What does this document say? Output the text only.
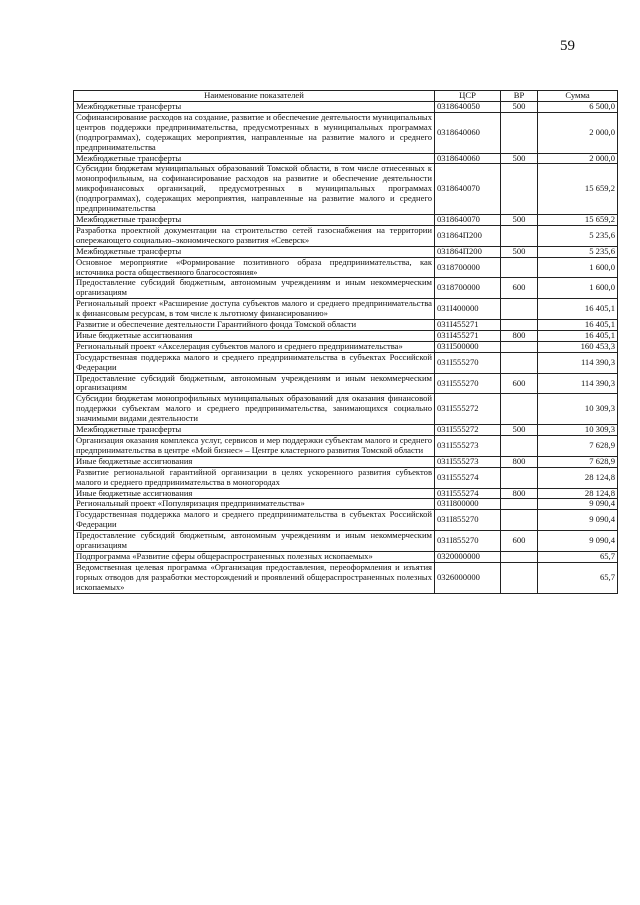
59
Наименование показателей	ЦСР	ВР	Сумма
Межбюджетные трансферты	0318640050	500	6 500,0
Софинансирование расходов на создание, развитие и обеспечение деятельности муниципальных центров поддержки предпринимательства, предусмотренных в муниципальных программах (подпрограммах), содержащих мероприятия, направленные на развитие малого и среднего предпринимательства	0318640060		2 000,0
Межбюджетные трансферты	0318640060	500	2 000,0
Субсидии бюджетам муниципальных образований Томской области, в том числе отнесенных к монопрофильным, на софинансирование расходов на развитие и обеспечение деятельности микрофинансовых организаций, предусмотренных в муниципальных программах (подпрограммах), содержащих мероприятия, направленные на развитие малого и среднего предпринимательства	0318640070		15 659,2
Межбюджетные трансферты	0318640070	500	15 659,2
Разработка проектной документации на строительство сетей газоснабжения на территории опережающего социально–экономического развития «Северск»	031864П200		5 235,6
Межбюджетные трансферты	031864П200	500	5 235,6
Основное мероприятие «Формирование позитивного образа предпринимательства, как источника роста общественного благосостояния»	0318700000		1 600,0
Предоставление субсидий бюджетным, автономным учреждениям и иным некоммерческим организациям	0318700000	600	1 600,0
Региональный проект «Расширение доступа субъектов малого и среднего предпринимательства к финансовым ресурсам, в том числе к льготному финансированию»	031I400000		16 405,1
Развитие и обеспечение деятельности Гарантийного фонда Томской области	031I455271		16 405,1
Иные бюджетные ассигнования	031I455271	800	16 405,1
Региональный проект «Акселерация субъектов малого и среднего предпринимательства»	031I500000		160 453,3
Государственная поддержка малого и среднего предпринимательства в субъектах Российской Федерации	031I555270		114 390,3
Предоставление субсидий бюджетным, автономным учреждениям и иным некоммерческим организациям	031I555270	600	114 390,3
Субсидии бюджетам монопрофильных муниципальных образований для оказания финансовой поддержки субъектам малого и среднего предпринимательства, занимающихся социально значимыми видами деятельности	031I555272		10 309,3
Межбюджетные трансферты	031I555272	500	10 309,3
Организация оказания комплекса услуг, сервисов и мер поддержки субъектам малого и среднего предпринимательства в центре «Мой бизнес» – Центре кластерного развития Томской области	031I555273		7 628,9
Иные бюджетные ассигнования	031I555273	800	7 628,9
Развитие региональной гарантийной организации в целях ускоренного развития субъектов малого и среднего предпринимательства в моногородах	031I555274		28 124,8
Иные бюджетные ассигнования	031I555274	800	28 124,8
Региональный проект «Популяризация предпринимательства»	031I800000		9 090,4
Государственная поддержка малого и среднего предпринимательства в субъектах Российской Федерации	031I855270		9 090,4
Предоставление субсидий бюджетным, автономным учреждениям и иным некоммерческим организациям	031I855270	600	9 090,4
Подпрограмма «Развитие сферы общераспространенных полезных ископаемых»	0320000000		65,7
Ведомственная целевая программа «Организация предоставления, переоформления и изъятия горных отводов для разработки месторождений и проявлений общераспространенных полезных ископаемых»	0326000000		65,7
